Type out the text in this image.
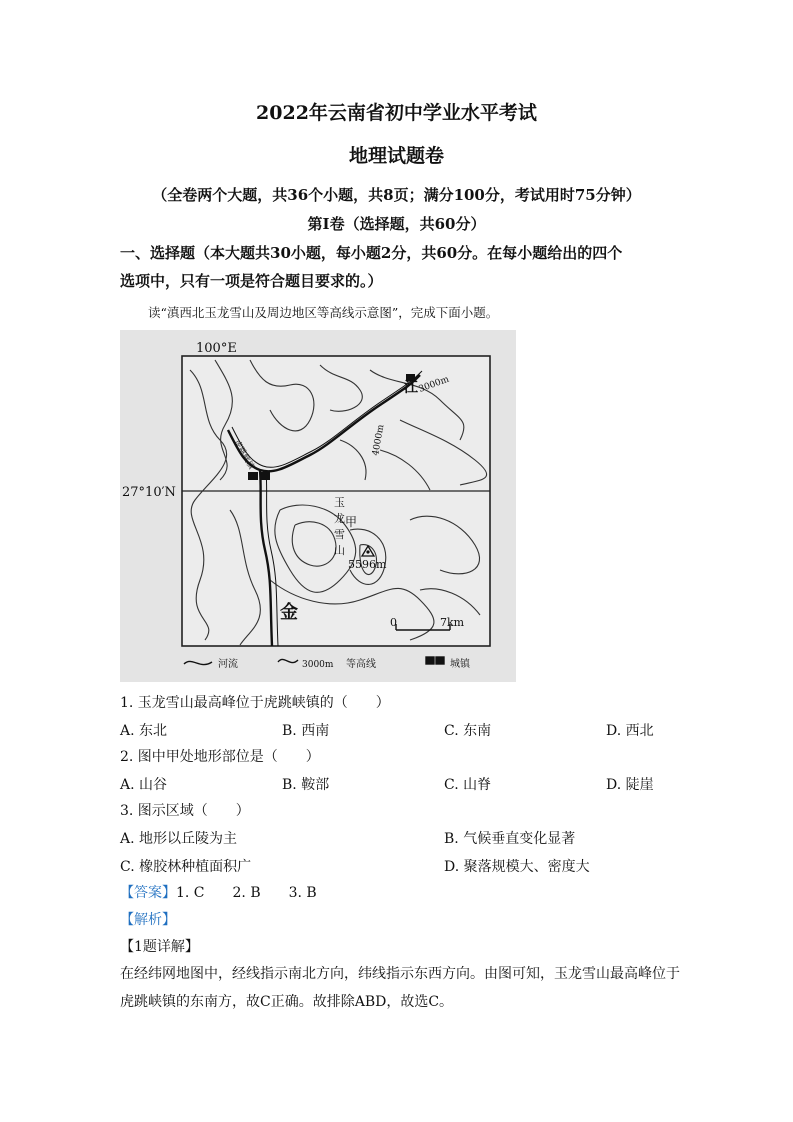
2022年云南省初中学业水平考试
地理试题卷
（全卷两个大题，共36个小题，共8页；满分100分，考试用时75分钟）
第Ⅰ卷（选择题，共60分）
一、选择题（本大题共30小题，每小题2分，共60分。在每小题给出的四个
选项中，只有一项是符合题目要求的。）
读“滇西北玉龙雪山及周边地区等高线示意图”，完成下面小题。
100°E
27°10′N
金
甲
5596m
4000m
3000m
江
虎跳峡镇
0	7km
河流	3000m 等高线	城镇
玉
龙
雪
山
1. 玉龙雪山最高峰位于虎跳峡镇的（　　）
A. 东北	B. 西南	C. 东南	D. 西北
2. 图中甲处地形部位是（　　）
A. 山谷	B. 鞍部	C. 山脊	D. 陡崖
3. 图示区域（　　）
A. 地形以丘陵为主	B. 气候垂直变化显著
C. 橡胶林种植面积广	D. 聚落规模大、密度大
【答案】1. C　　2. B　　3. B
【解析】
【1题详解】
在经纬网地图中，经线指示南北方向，纬线指示东西方向。由图可知，玉龙雪山最高峰位于
虎跳峡镇的东南方，故C正确。故排除ABD，故选C。
